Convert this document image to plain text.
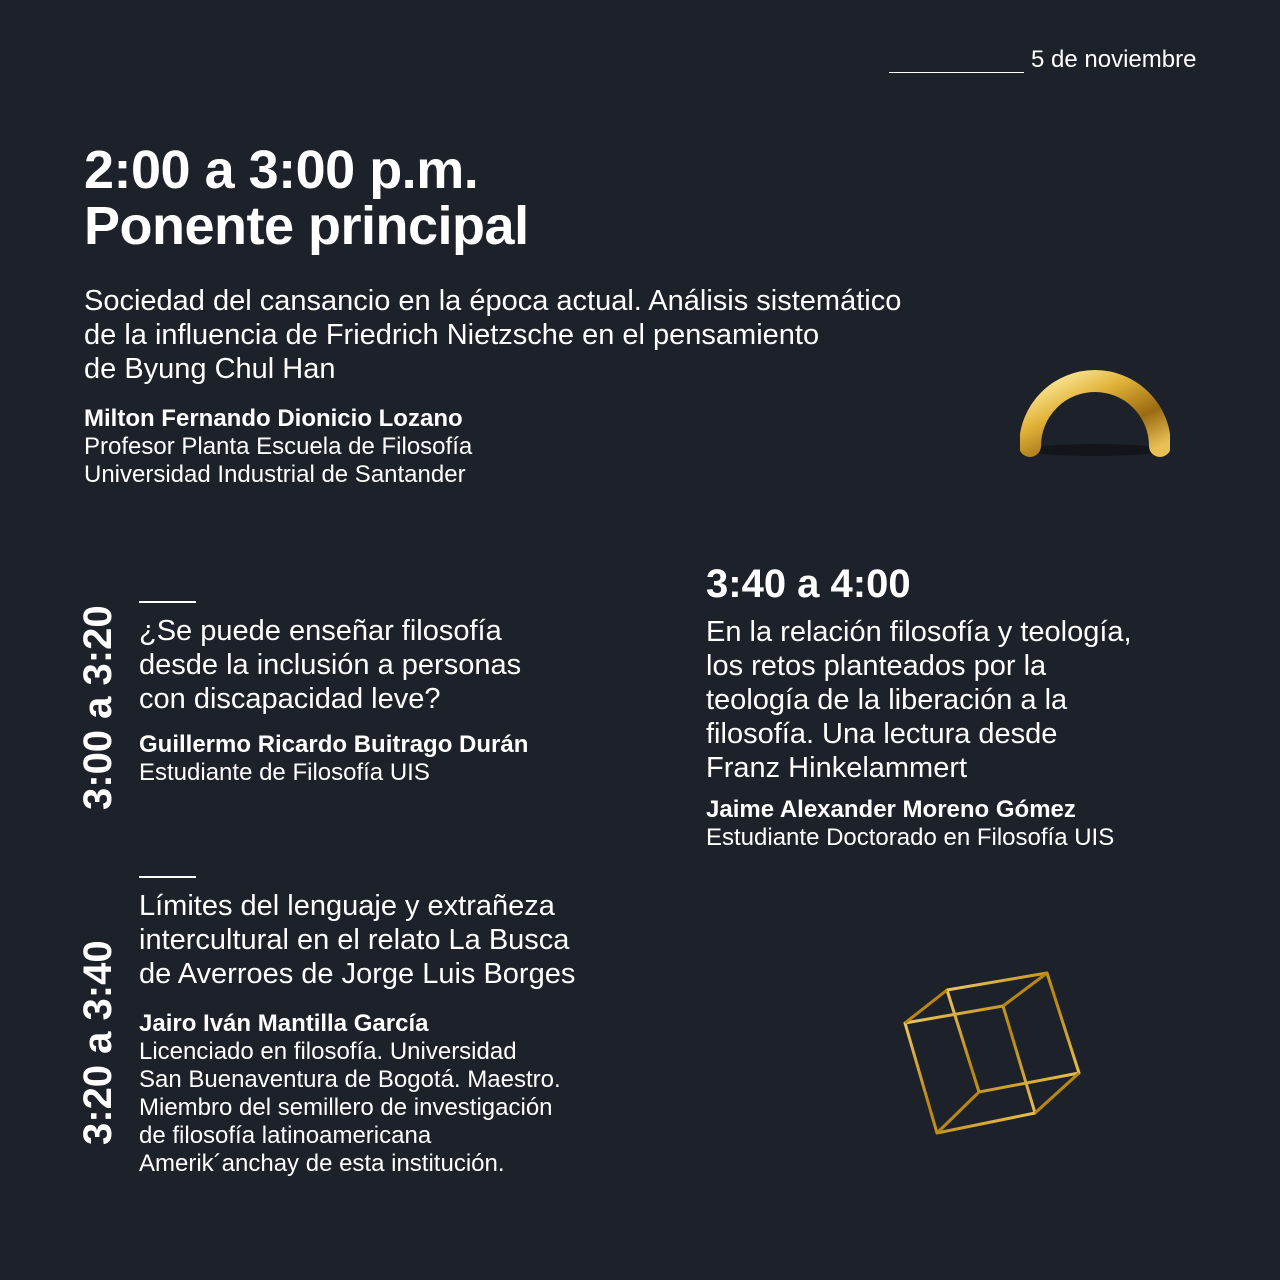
5 de noviembre
2:00 a 3:00 p.m.
Ponente principal
Sociedad del cansancio en la época actual. Análisis sistemático
de la influencia de Friedrich Nietzsche en el pensamiento
de Byung Chul Han
Milton Fernando Dionicio Lozano
Profesor Planta Escuela de Filosofía
Universidad Industrial de Santander
3:00 a 3:20 ¿Se puede enseñar filosofía
desde la inclusión a personas
con discapacidad leve?
Guillermo Ricardo Buitrago Durán
Estudiante de Filosofía UIS
3:20 a 3:40
Límites del lenguaje y extrañeza
intercultural en el relato La Busca
de Averroes de Jorge Luis Borges
Jairo Iván Mantilla García
Licenciado en filosofía. Universidad
San Buenaventura de Bogotá. Maestro.
Miembro del semillero de investigación
de filosofía latinoamericana
Amerik´anchay de esta institución.
3:40 a 4:00
En la relación filosofía y teología,
los retos planteados por la
teología de la liberación a la
filosofía. Una lectura desde
Franz Hinkelammert
Jaime Alexander Moreno Gómez
Estudiante Doctorado en Filosofía UIS
